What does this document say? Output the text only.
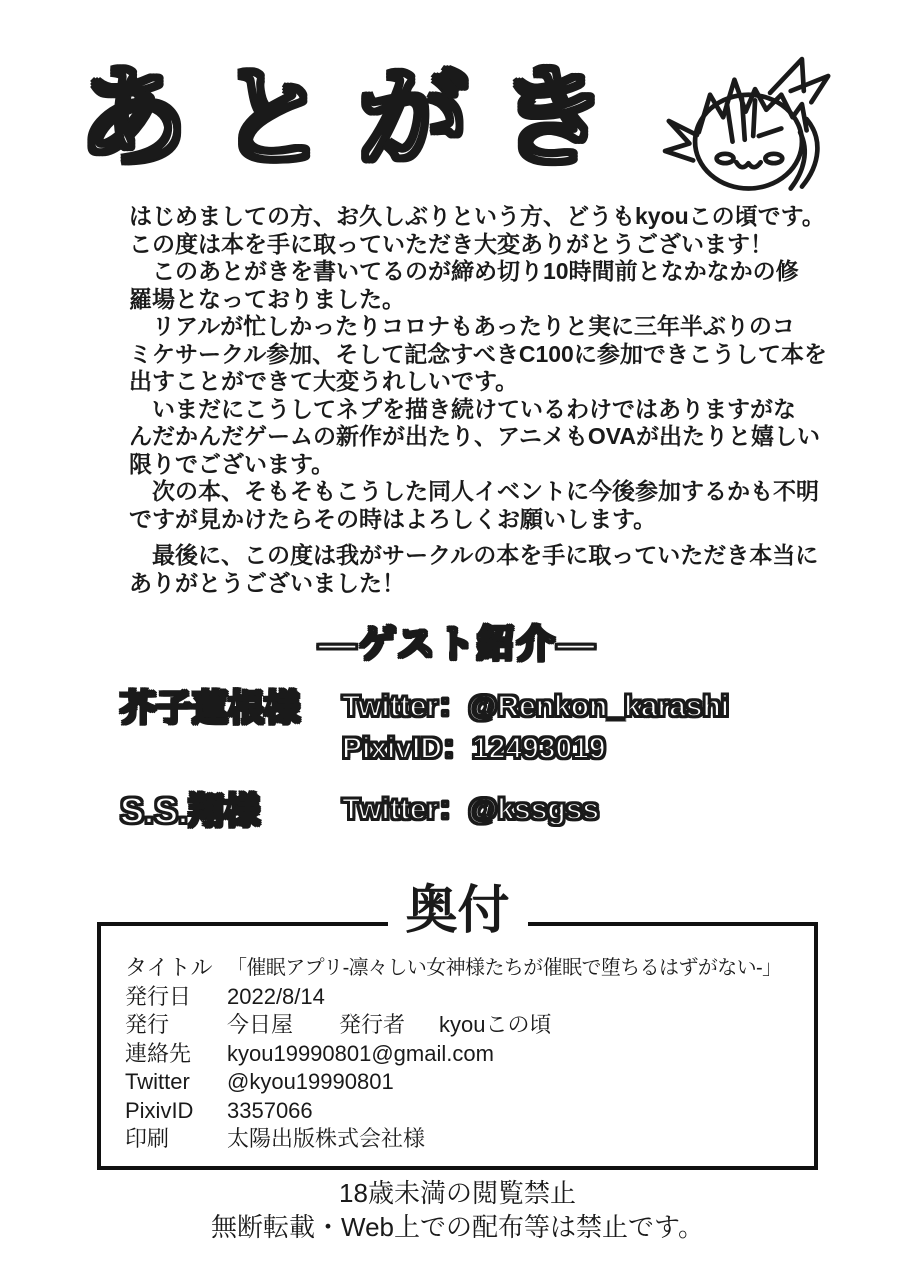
あとがき
はじめましての方、お久しぶりという方、どうもkyouこの頃です。
この度は本を手に取っていただき大変ありがとうございます！
　このあとがきを書いてるのが締め切り10時間前となかなかの修
羅場となっておりました。
　リアルが忙しかったりコロナもあったりと実に三年半ぶりのコ
ミケサークル参加、そして記念すべきC100に参加できこうして本を
出すことができて大変うれしいです。
　いまだにこうしてネプを描き続けているわけではありますがな
んだかんだゲームの新作が出たり、アニメもOVAが出たりと嬉しい
限りでございます。
　次の本、そもそもこうした同人イベントに今後参加するかも不明
ですが見かけたらその時はよろしくお願いします。
　最後に、この度は我がサークルの本を手に取っていただき本当に
ありがとうございました！
―ゲスト紹介―
芥子蓮根様	Twitter：@Renkon_karashi
PixivID：12493019
S.S.翔様	Twitter：@kssgss
奥付
タイトル 「催眠アプリ-凛々しい女神様たちが催眠で堕ちるはずがない-」
発行日	2022/8/14
発行	今日屋	発行者	kyouこの頃
連絡先	kyou19990801@gmail.com
Twitter	@kyou19990801
PixivID	3357066
印刷	太陽出版株式会社様
18歳未満の閲覧禁止
無断転載・Web上での配布等は禁止です。
